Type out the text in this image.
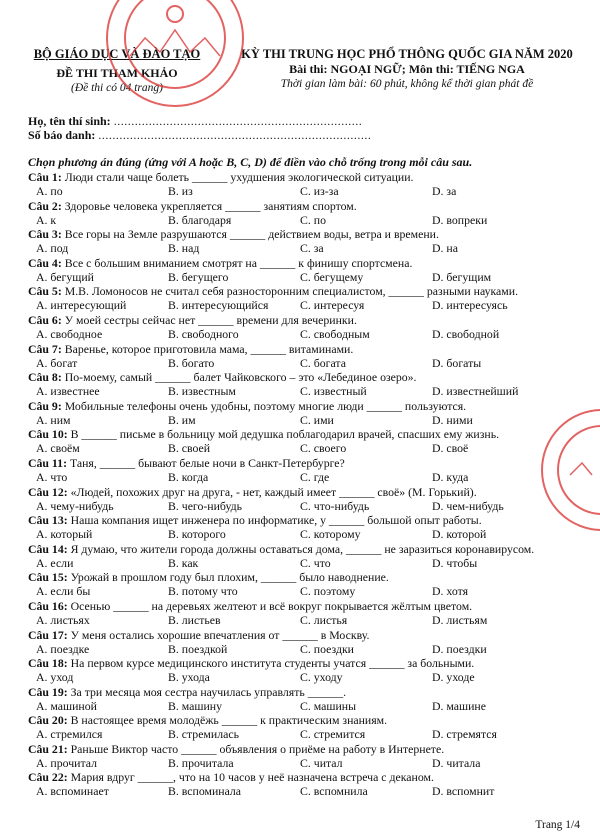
BỘ GIÁO DỤC VÀ ĐÀO TẠO
ĐỀ THI THAM KHẢO
(Đề thi có 04 trang)
KỲ THI TRUNG HỌC PHỔ THÔNG QUỐC GIA NĂM 2020
Bài thi: NGOẠI NGỮ; Môn thi: TIẾNG NGA
Thời gian làm bài: 60 phút, không kể thời gian phát đề
Họ, tên thí sinh: .......................................................................
Số báo danh: ..............................................................................
Chọn phương án đúng (ứng với A hoặc B, C, D) để điền vào chỗ trống trong mỗi câu sau.
Câu 1: Люди стали чаще болеть ______ ухудшения экологической ситуации.
A. по	B. из	C. из-за	D. за
Câu 2: Здоровье человека укрепляется ______ занятиям спортом.
A. к	B. благодаря	C. по	D. вопреки
Câu 3: Все горы на Земле разрушаются ______ действием воды, ветра и времени.
A. под	B. над	C. за	D. на
Câu 4: Все с большим вниманием смотрят на ______ к финишу спортсмена.
A. бегущий	B. бегущего	C. бегущему	D. бегущим
Câu 5: М.В. Ломоносов не считал себя разносторонним специалистом, ______ разными науками.
A. интересующий	B. интересующийся	C. интересуя	D. интересуясь
Câu 6: У моей сестры сейчас нет ______ времени для вечеринки.
A. свободное	B. свободного	C. свободным	D. свободной
Câu 7: Варенье, которое приготовила мама, ______ витаминами.
A. богат	B. богато	C. богата	D. богаты
Câu 8: По-моему, самый ______ балет Чайковского – это «Лебединое озеро».
A. известнее	B. известным	C. известный	D. известнейший
Câu 9: Мобильные телефоны очень удобны, поэтому многие люди ______ пользуются.
A. ним	B. им	C. ими	D. ними
Câu 10: В ______ письме в больницу мой дедушка поблагодарил врачей, спасших ему жизнь.
A. своём	B. своей	C. своего	D. своё
Câu 11: Таня, ______ бывают белые ночи в Санкт-Петербурге?
A. что	B. когда	C. где	D. куда
Câu 12: «Людей, похожих друг на друга, - нет, каждый имеет ______ своё» (М. Горький).
A. чему-нибудь	B. чего-нибудь	C. что-нибудь	D. чем-нибудь
Câu 13: Наша компания ищет инженера по информатике, у ______ большой опыт работы.
A. который	B. которого	C. которому	D. которой
Câu 14: Я думаю, что жители города должны оставаться дома, ______ не заразиться коронавирусом.
A. если	B. как	C. что	D. чтобы
Câu 15: Урожай в прошлом году был плохим, ______ было наводнение.
A. если бы	B. потому что	C. поэтому	D. хотя
Câu 16: Осенью ______ на деревьях желтеют и всё вокруг покрывается жёлтым цветом.
A. листьях	B. листьев	C. листья	D. листьям
Câu 17: У меня остались хорошие впечатления от ______ в Москву.
A. поездке	B. поездкой	C. поездки	D. поездки
Câu 18: На первом курсе медицинского института студенты учатся ______ за больными.
A. уход	B. ухода	C. уходу	D. уходе
Câu 19: За три месяца моя сестра научилась управлять ______.
A. машиной	B. машину	C. машины	D. машине
Câu 20: В настоящее время молодёжь ______ к практическим знаниям.
A. стремился	B. стремилась	C. стремится	D. стремятся
Câu 21: Раньше Виктор часто ______ объявления о приёме на работу в Интернете.
A. прочитал	B. прочитала	C. читал	D. читала
Câu 22: Мария вдруг ______, что на 10 часов у неё назначена встреча с деканом.
A. вспоминает	B. вспоминала	C. вспомнила	D. вспомнит
Trang 1/4
